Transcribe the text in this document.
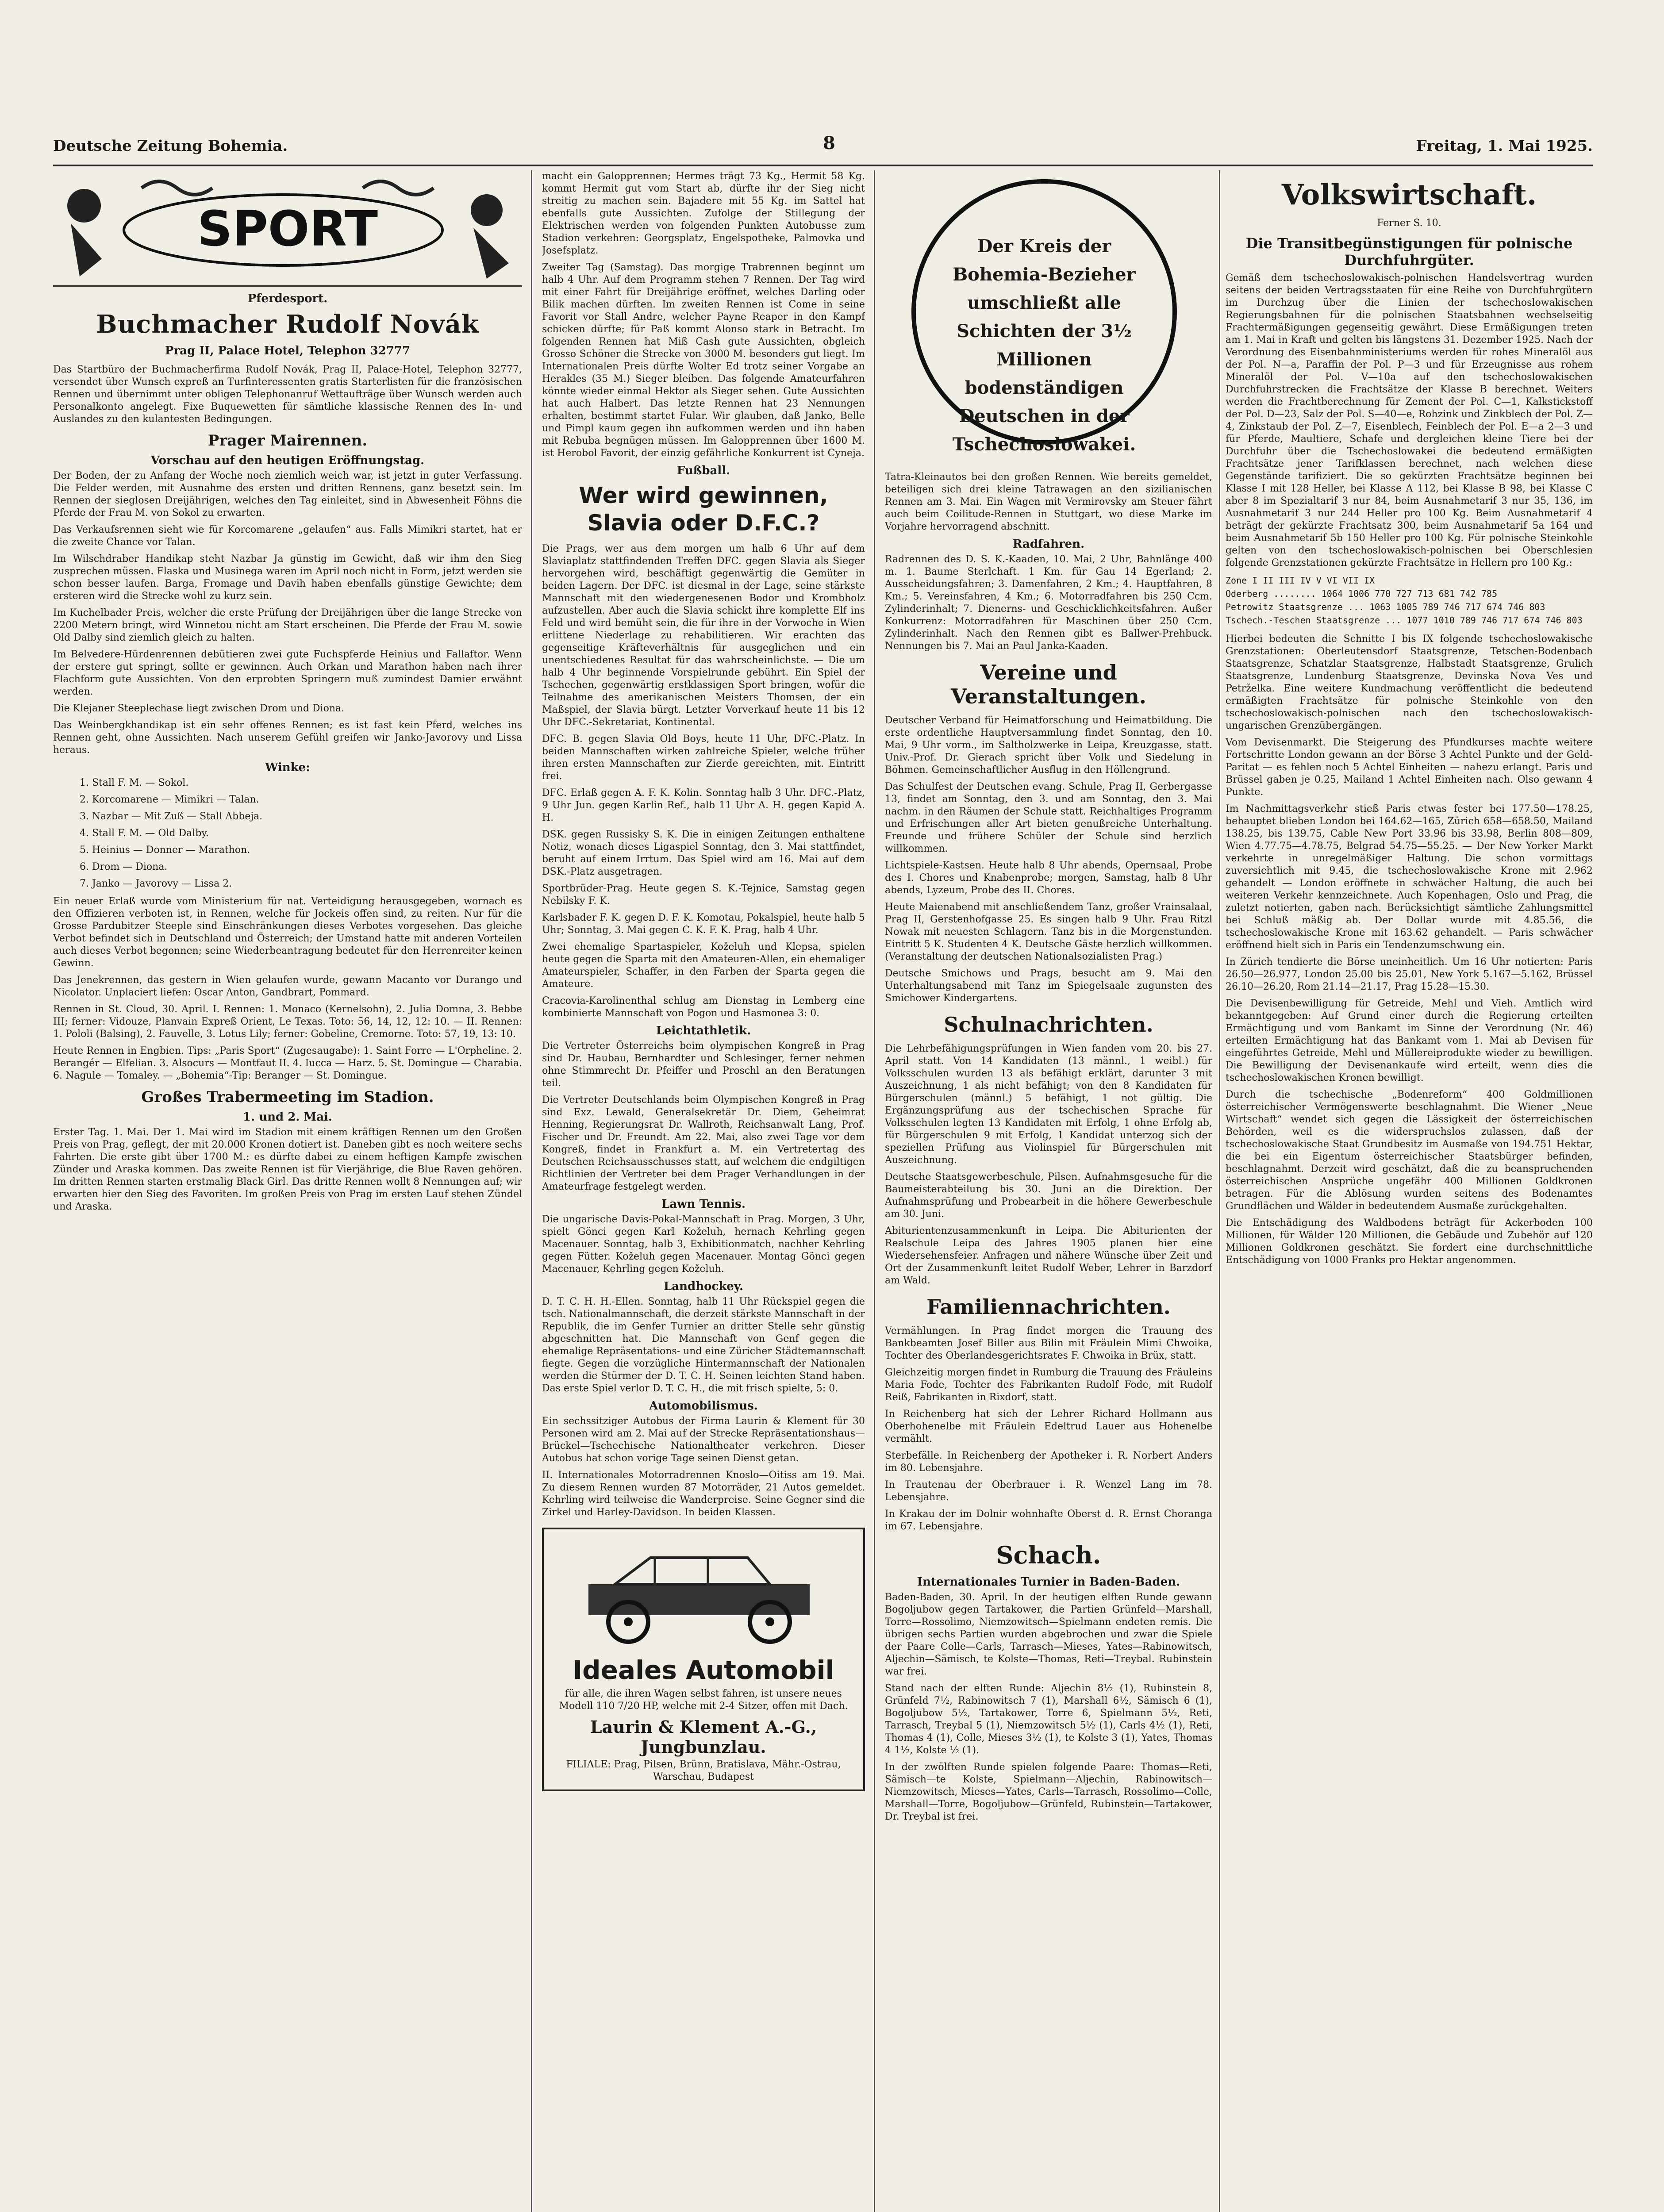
Deutsche Zeitung Bohemia.	8	Freitag, 1. Mai 1925.
SPORT
Pferdesport.
Buchmacher Rudolf Novák
Prag II, Palace Hotel, Telephon 32777

Das Startbüro der Buchmacherfirma Rudolf Novák, Prag II, Palace-Hotel, Telephon 32777, versendet über Wunsch expreß an Turfinteressenten gratis Starterlisten für die französischen Rennen und übernimmt unter obligen Telephonanruf Wettaufträge über Wunsch werden auch Personalkonto angelegt. Fixe Buquewetten für sämtliche klassische Rennen des In- und Auslandes zu den kulantesten Bedingungen.

Prager Mairennen.
Vorschau auf den heutigen Eröffnungstag.

Der Boden, der zu Anfang der Woche noch ziemlich weich war, ist jetzt in guter Verfassung. Die Felder werden, mit Ausnahme des ersten und dritten Rennens, ganz besetzt sein. Im Rennen der sieglosen Dreijährigen, welches den Tag einleitet, sind in Abwesenheit Föhns die Pferde der Frau M. von Sokol zu erwarten.

Das Verkaufsrennen sieht wie für Korcomarene „gelaufen“ aus. Falls Mimikri startet, hat er die zweite Chance vor Talan.

Im Wilschdraber Handikap steht Nazbar Ja günstig im Gewicht, daß wir ihm den Sieg zusprechen müssen. Flaska und Musinega waren im April noch nicht in Form, jetzt werden sie schon besser laufen. Barga, Fromage und Davih haben ebenfalls günstige Gewichte; dem ersteren wird die Strecke wohl zu kurz sein.

Im Kuchelbader Preis, welcher die erste Prüfung der Dreijährigen über die lange Strecke von 2200 Metern bringt, wird Winnetou nicht am Start erscheinen. Die Pferde der Frau M. sowie Old Dalby sind ziemlich gleich zu halten.

Im Belvedere-Hürdenrennen debütieren zwei gute Fuchspferde Heinius und Fallaftor. Wenn der erstere gut springt, sollte er gewinnen. Auch Orkan und Marathon haben nach ihrer Flachform gute Aussichten. Von den erprobten Springern muß zumindest Damier erwähnt werden.

Die Klejaner Steeplechase liegt zwischen Drom und Diona.

Das Weinbergkhandikap ist ein sehr offenes Rennen; es ist fast kein Pferd, welches ins Rennen geht, ohne Aussichten. Nach unserem Gefühl greifen wir Janko-Javorovy und Lissa heraus.

Winke:
1. Stall F. M. — Sokol.
2. Korcomarene — Mimikri — Talan.
3. Nazbar — Mit Zuß — Stall Abbeja.
4. Stall F. M. — Old Dalby.
5. Heinius — Donner — Marathon.
6. Drom — Diona.
7. Janko — Javorovy — Lissa 2.

Ein neuer Erlaß wurde vom Ministerium für nat. Verteidigung herausgegeben, wornach es den Offizieren verboten ist, in Rennen, welche für Jockeis offen sind, zu reiten. Nur für die Grosse Pardubitzer Steeple sind Einschränkungen dieses Verbotes vorgesehen. Das gleiche Verbot befindet sich in Deutschland und Österreich; der Umstand hatte mit anderen Vorteilen auch dieses Verbot begonnen; seine Wiederbeantragung bedeutet für den Herrenreiter keinen Gewinn.

Das Jenekrennen, das gestern in Wien gelaufen wurde, gewann Macanto vor Durango und Nicolator. Unplaciert liefen: Oscar Anton, Gandbrart, Pommard.

Rennen in St. Cloud, 30. April. I. Rennen: 1. Monaco (Kernelsohn), 2. Julia Domna, 3. Bebbe III; ferner: Vidouze, Planvain Expreß Orient, Le Texas. Toto: 56, 14, 12, 12: 10. — II. Rennen: 1. Pololi (Balsing), 2. Fauvelle, 3. Lotus Lily; ferner: Gobeline, Cremorne. Toto: 57, 19, 13: 10.

Heute Rennen in Engbien. Tips: „Paris Sport“ (Zugesaugabe): 1. Saint Forre — L'Orpheline. 2. Berangér — Elfelian. 3. Alsocurs — Montfaut II. 4. Iucca — Harz. 5. St. Domingue — Charabia. 6. Nagule — Tomaley. — „Bohemia“-Tip: Beranger — St. Domingue.

Großes Trabermeeting im Stadion.
1. und 2. Mai.

Erster Tag. 1. Mai. Der 1. Mai wird im Stadion mit einem kräftigen Rennen um den Großen Preis von Prag, geflegt, der mit 20.000 Kronen dotiert ist. Daneben gibt es noch weitere sechs Fahrten. Die erste gibt über 1700 M.: es dürfte dabei zu einem heftigen Kampfe zwischen Zünder und Araska kommen. Das zweite Rennen ist für Vierjährige, die Blue Raven gehören. Im dritten Rennen starten erstmalig Black Girl. Das dritte Rennen wollt 8 Nennungen auf; wir erwarten hier den Sieg des Favoriten. Im großen Preis von Prag im ersten Lauf stehen Zündel und Araska.

macht ein Galopprennen; Hermes trägt 73 Kg., Hermit 58 Kg. kommt Hermit gut vom Start ab, dürfte ihr der Sieg nicht streitig zu machen sein. Bajadere mit 55 Kg. im Sattel hat ebenfalls gute Aussichten. Zufolge der Stillegung der Elektrischen werden von folgenden Punkten Autobusse zum Stadion verkehren: Georgsplatz, Engelspotheke, Palmovka und Josefsplatz.

Zweiter Tag (Samstag). Das morgige Trabrennen beginnt um halb 4 Uhr. Auf dem Programm stehen 7 Rennen. Der Tag wird mit einer Fahrt für Dreijährige eröffnet, welches Darling oder Bilik machen dürften. Im zweiten Rennen ist Come in seine Favorit vor Stall Andre, welcher Payne Reaper in den Kampf schicken dürfte; für Paß kommt Alonso stark in Betracht. Im folgenden Rennen hat Miß Cash gute Aussichten, obgleich Grosso Schöner die Strecke von 3000 M. besonders gut liegt. Im Internationalen Preis dürfte Wolter Ed trotz seiner Vorgabe an Herakles (35 M.) Sieger bleiben. Das folgende Amateurfahren könnte wieder einmal Hektor als Sieger sehen. Gute Aussichten hat auch Halbert. Das letzte Rennen hat 23 Nennungen erhalten, bestimmt startet Fular. Wir glauben, daß Janko, Belle und Pimpl kaum gegen ihn aufkommen werden und ihn haben mit Rebuba begnügen müssen. Im Galopprennen über 1600 M. ist Herobol Favorit, der einzig gefährliche Konkurrent ist Cyneja.

Fußball.
Wer wird gewinnen, Slavia oder D.F.C.?

Die Prags, wer aus dem morgen um halb 6 Uhr auf dem Slaviaplatz stattfindenden Treffen DFC. gegen Slavia als Sieger hervorgehen wird, beschäftigt gegenwärtig die Gemüter in beiden Lagern. Der DFC. ist diesmal in der Lage, seine stärkste Mannschaft mit den wiedergenesenen Bodor und Krombholz aufzustellen. Aber auch die Slavia schickt ihre komplette Elf ins Feld und wird bemüht sein, die für ihre in der Vorwoche in Wien erlittene Niederlage zu rehabilitieren. Wir erachten das gegenseitige Kräfteverhältnis für ausgeglichen und ein unentschiedenes Resultat für das wahrscheinlichste. — Die um halb 4 Uhr beginnende Vorspielrunde gebührt. Ein Spiel der Tschechen, gegenwärtig erstklassigen Sport bringen, wofür die Teilnahme des amerikanischen Meisters Thomsen, der ein Maßspiel, der Slavia bürgt. Letzter Vorverkauf heute 11 bis 12 Uhr DFC.-Sekretariat, Kontinental.

DFC. B. gegen Slavia Old Boys, heute 11 Uhr, DFC.-Platz. In beiden Mannschaften wirken zahlreiche Spieler, welche früher ihren ersten Mannschaften zur Zierde gereichten, mit. Eintritt frei.

DFC. Erlaß gegen A. F. K. Kolin. Sonntag halb 3 Uhr. DFC.-Platz, 9 Uhr Jun. gegen Karlin Ref., halb 11 Uhr A. H. gegen Kapid A. H.

DSK. gegen Russisky S. K. Die in einigen Zeitungen enthaltene Notiz, wonach dieses Ligaspiel Sonntag, den 3. Mai stattfindet, beruht auf einem Irrtum. Das Spiel wird am 16. Mai auf dem DSK.-Platz ausgetragen.

Sportbrüder-Prag. Heute gegen S. K.-Tejnice, Samstag gegen Nebilsky F. K.

Karlsbader F. K. gegen D. F. K. Komotau, Pokalspiel, heute halb 5 Uhr; Sonntag, 3. Mai gegen C. K. F. K. Prag, halb 4 Uhr.

Zwei ehemalige Spartaspieler, Koželuh und Klepsa, spielen heute gegen die Sparta mit den Amateuren-Allen, ein ehemaliger Amateurspieler, Schaffer, in den Farben der Sparta gegen die Amateure.

Cracovia-Karolinenthal schlug am Dienstag in Lemberg eine kombinierte Mannschaft von Pogon und Hasmonea 3: 0.

Leichtathletik.

Die Vertreter Österreichs beim olympischen Kongreß in Prag sind Dr. Haubau, Bernhardter und Schlesinger, ferner nehmen ohne Stimmrecht Dr. Pfeiffer und Proschl an den Beratungen teil.

Die Vertreter Deutschlands beim Olympischen Kongreß in Prag sind Exz. Lewald, Generalsekretär Dr. Diem, Geheimrat Henning, Regierungsrat Dr. Wallroth, Reichsanwalt Lang, Prof. Fischer und Dr. Freundt. Am 22. Mai, also zwei Tage vor dem Kongreß, findet in Frankfurt a. M. ein Vertretertag des Deutschen Reichsausschusses statt, auf welchem die endgiltigen Richtlinien der Vertreter bei dem Prager Verhandlungen in der Amateurfrage festgelegt werden.

Lawn Tennis.

Die ungarische Davis-Pokal-Mannschaft in Prag. Morgen, 3 Uhr, spielt Gönci gegen Karl Koželuh, hernach Kehrling gegen Macenauer. Sonntag, halb 3, Exhibitionmatch, nachher Kehrling gegen Fütter. Koželuh gegen Macenauer. Montag Gönci gegen Macenauer, Kehrling gegen Koželuh.

Landhockey.

D. T. C. H. H.-Ellen. Sonntag, halb 11 Uhr Rückspiel gegen die tsch. Nationalmannschaft, die derzeit stärkste Mannschaft in der Republik, die im Genfer Turnier an dritter Stelle sehr günstig abgeschnitten hat. Die Mannschaft von Genf gegen die ehemalige Repräsentations- und eine Züricher Städtemannschaft fiegte. Gegen die vorzügliche Hintermannschaft der Nationalen werden die Stürmer der D. T. C. H. Seinen leichten Stand haben. Das erste Spiel verlor D. T. C. H., die mit frisch spielte, 5: 0.

Automobilismus.

Ein sechssitziger Autobus der Firma Laurin & Klement für 30 Personen wird am 2. Mai auf der Strecke Repräsentationshaus—Brückel—Tschechische Nationaltheater verkehren. Dieser Autobus hat schon vorige Tage seinen Dienst getan.

II. Internationales Motorradrennen Knoslo—Oitiss am 19. Mai. Zu diesem Rennen wurden 87 Motorräder, 21 Autos gemeldet. Kehrling wird teilweise die Wanderpreise. Seine Gegner sind die Zirkel und Harley-Davidson. In beiden Klassen.

Ideales Automobil
für alle, die ihren Wagen selbst fahren, ist unsere neues Modell 110 7/20 HP, welche mit 2-4 Sitzer, offen mit Dach.
Laurin & Klement A.-G., Jungbunzlau.
FILIALE: Prag, Pilsen, Brünn, Bratislava, Mähr.-Ostrau, Warschau, Budapest
Der Kreis der Bohemia-Bezieher umschließt alle Schichten der 3½ Millionen bodenständigen Deutschen in der Tschechoslowakei.

Tatra-Kleinautos bei den großen Rennen. Wie bereits gemeldet, beteiligen sich drei kleine Tatrawagen an den sizilianischen Rennen am 3. Mai. Ein Wagen mit Vermirovsky am Steuer fährt auch beim Coilitude-Rennen in Stuttgart, wo diese Marke im Vorjahre hervorragend abschnitt.

Radfahren.

Radrennen des D. S. K.-Kaaden, 10. Mai, 2 Uhr, Bahnlänge 400 m. 1. Baume Sterlchaft. 1 Km. für Gau 14 Egerland; 2. Ausscheidungsfahren; 3. Damenfahren, 2 Km.; 4. Hauptfahren, 8 Km.; 5. Vereinsfahren, 4 Km.; 6. Motorradfahren bis 250 Ccm. Zylinderinhalt; 7. Dienerns- und Geschicklichkeitsfahren. Außer Konkurrenz: Motorradfahren für Maschinen über 250 Ccm. Zylinderinhalt. Nach den Rennen gibt es Ballwer-Prehbuck. Nennungen bis 7. Mai an Paul Janka-Kaaden.

Vereine und Veranstaltungen.

Deutscher Verband für Heimatforschung und Heimatbildung. Die erste ordentliche Hauptversammlung findet Sonntag, den 10. Mai, 9 Uhr vorm., im Saltholzwerke in Leipa, Kreuzgasse, statt. Univ.-Prof. Dr. Gierach spricht über Volk und Siedelung in Böhmen. Gemeinschaftlicher Ausflug in den Höllengrund.

Das Schulfest der Deutschen evang. Schule, Prag II, Gerbergasse 13, findet am Sonntag, den 3. und am Sonntag, den 3. Mai nachm. in den Räumen der Schule statt. Reichhaltiges Programm und Erfrischungen aller Art bieten genußreiche Unterhaltung. Freunde und frühere Schüler der Schule sind herzlich willkommen.

Lichtspiele-Kastsen. Heute halb 8 Uhr abends, Opernsaal, Probe des I. Chores und Knabenprobe; morgen, Samstag, halb 8 Uhr abends, Lyzeum, Probe des II. Chores.

Heute Maienabend mit anschließendem Tanz, großer Vrainsalaal, Prag II, Gerstenhofgasse 25. Es singen halb 9 Uhr. Frau Ritzl Nowak mit neuesten Schlagern. Tanz bis in die Morgenstunden. Eintritt 5 K. Studenten 4 K. Deutsche Gäste herzlich willkommen. (Veranstaltung der deutschen Nationalsozialisten Prag.)

Deutsche Smichows und Prags, besucht am 9. Mai den Unterhaltungsabend mit Tanz im Spiegelsaale zugunsten des Smichower Kindergartens.

Schulnachrichten.

Die Lehrbefähigungsprüfungen in Wien fanden vom 20. bis 27. April statt. Von 14 Kandidaten (13 männl., 1 weibl.) für Volksschulen wurden 13 als befähigt erklärt, darunter 3 mit Auszeichnung, 1 als nicht befähigt; von den 8 Kandidaten für Bürgerschulen (männl.) 5 befähigt, 1 not gültig. Die Ergänzungsprüfung aus der tschechischen Sprache für Volksschulen legten 13 Kandidaten mit Erfolg, 1 ohne Erfolg ab, für Bürgerschulen 9 mit Erfolg, 1 Kandidat unterzog sich der speziellen Prüfung aus Violinspiel für Bürgerschulen mit Auszeichnung.

Deutsche Staatsgewerbeschule, Pilsen. Aufnahmsgesuche für die Baumeisterabteilung bis 30. Juni an die Direktion. Der Aufnahmsprüfung und Probearbeit in die höhere Gewerbeschule am 30. Juni.

Abiturientenzusammenkunft in Leipa. Die Abiturienten der Realschule Leipa des Jahres 1905 planen hier eine Wiedersehensfeier. Anfragen und nähere Wünsche über Zeit und Ort der Zusammenkunft leitet Rudolf Weber, Lehrer in Barzdorf am Wald.

Familiennachrichten.

Vermählungen. In Prag findet morgen die Trauung des Bankbeamten Josef Biller aus Bilin mit Fräulein Mimi Chwoika, Tochter des Oberlandesgerichtsrates F. Chwoika in Brüx, statt.

Gleichzeitig morgen findet in Rumburg die Trauung des Fräuleins Maria Fode, Tochter des Fabrikanten Rudolf Fode, mit Rudolf Reiß, Fabrikanten in Rixdorf, statt.

In Reichenberg hat sich der Lehrer Richard Hollmann aus Oberhohenelbe mit Fräulein Edeltrud Lauer aus Hohenelbe vermählt.

Sterbefälle. In Reichenberg der Apotheker i. R. Norbert Anders im 80. Lebensjahre.

In Trautenau der Oberbrauer i. R. Wenzel Lang im 78. Lebensjahre.

In Krakau der im Dolnir wohnhafte Oberst d. R. Ernst Choranga im 67. Lebensjahre.

Schach.
Internationales Turnier in Baden-Baden.

Baden-Baden, 30. April. In der heutigen elften Runde gewann Bogoljubow gegen Tartakower, die Partien Grünfeld—Marshall, Torre—Rossolimo, Niemzowitsch—Spielmann endeten remis. Die übrigen sechs Partien wurden abgebrochen und zwar die Spiele der Paare Colle—Carls, Tarrasch—Mieses, Yates—Rabinowitsch, Aljechin—Sämisch, te Kolste—Thomas, Reti—Treybal. Rubinstein war frei.

Stand nach der elften Runde: Aljechin 8½ (1), Rubinstein 8, Grünfeld 7½, Rabinowitsch 7 (1), Marshall 6½, Sämisch 6 (1), Bogoljubow 5½, Tartakower, Torre 6, Spielmann 5½, Reti, Tarrasch, Treybal 5 (1), Niemzowitsch 5½ (1), Carls 4½ (1), Reti, Thomas 4 (1), Colle, Mieses 3½ (1), te Kolste 3 (1), Yates, Thomas 4 1½, Kolste ½ (1).

In der zwölften Runde spielen folgende Paare: Thomas—Reti, Sämisch—te Kolste, Spielmann—Aljechin, Rabinowitsch—Niemzowitsch, Mieses—Yates, Carls—Tarrasch, Rossolimo—Colle, Marshall—Torre, Bogoljubow—Grünfeld, Rubinstein—Tartakower, Dr. Treybal ist frei.

Volkswirtschaft.
Ferner S. 10.
Die Transitbegünstigungen für polnische Durchfuhrgüter.

Gemäß dem tschechoslowakisch-polnischen Handelsvertrag wurden seitens der beiden Vertragsstaaten für eine Reihe von Durchfuhrgütern im Durchzug über die Linien der tschechoslowakischen Regierungsbahnen für die polnischen Staatsbahnen wechselseitig Frachtermäßigungen gegenseitig gewährt. Diese Ermäßigungen treten am 1. Mai in Kraft und gelten bis längstens 31. Dezember 1925. Nach der Verordnung des Eisenbahnministeriums werden für rohes Mineralöl aus der Pol. N—a, Paraffin der Pol. P—3 und für Erzeugnisse aus rohem Mineralöl der Pol. V—10a auf den tschechoslowakischen Durchfuhrstrecken die Frachtsätze der Klasse B berechnet. Weiters werden die Frachtberechnung für Zement der Pol. C—1, Kalkstickstoff der Pol. D—23, Salz der Pol. S—40—e, Rohzink und Zinkblech der Pol. Z—4, Zinkstaub der Pol. Z—7, Eisenblech, Feinblech der Pol. E—a 2—3 und für Pferde, Maultiere, Schafe und dergleichen kleine Tiere bei der Durchfuhr über die Tschechoslowakei die bedeutend ermäßigten Frachtsätze jener Tarifklassen berechnet, nach welchen diese Gegenstände tarifiziert. Die so gekürzten Frachtsätze beginnen bei Klasse I mit 128 Heller, bei Klasse A 112, bei Klasse B 98, bei Klasse C aber 8 im Spezialtarif 3 nur 84, beim Ausnahmetarif 3 nur 35, 136, im Ausnahmetarif 3 nur 244 Heller pro 100 Kg. Beim Ausnahmetarif 4 beträgt der gekürzte Frachtsatz 300, beim Ausnahmetarif 5a 164 und beim Ausnahmetarif 5b 150 Heller pro 100 Kg. Für polnische Steinkohle gelten von den tschechoslowakisch-polnischen bei Oberschlesien folgende Grenzstationen gekürzte Frachtsätze in Hellern pro 100 Kg.:

Zone I II III IV V VI VII IX
Oderberg ........ 1064 1006 770 727 713 681 742 785
Petrowitz Staatsgrenze ... 1063 1005 789 746 717 674 746 803
Tschech.-Teschen Staatsgrenze ... 1077 1010 789 746 717 674 746 803

Hierbei bedeuten die Schnitte I bis IX folgende tschechoslowakische Grenzstationen: Oberleutensdorf Staatsgrenze, Tetschen-Bodenbach Staatsgrenze, Schatzlar Staatsgrenze, Halbstadt Staatsgrenze, Grulich Staatsgrenze, Lundenburg Staatsgrenze, Devinska Nova Ves und Petrželka. Eine weitere Kundmachung veröffentlicht die bedeutend ermäßigten Frachtsätze für polnische Steinkohle von den tschechoslowakisch-polnischen nach den tschechoslowakisch-ungarischen Grenzübergängen.

Vom Devisenmarkt. Die Steigerung des Pfundkurses machte weitere Fortschritte London gewann an der Börse 3 Achtel Punkte und der Geld-Paritat — es fehlen noch 5 Achtel Einheiten — nahezu erlangt. Paris und Brüssel gaben je 0.25, Mailand 1 Achtel Einheiten nach. Olso gewann 4 Punkte.

Im Nachmittagsverkehr stieß Paris etwas fester bei 177.50—178.25, behauptet blieben London bei 164.62—165, Zürich 658—658.50, Mailand 138.25, bis 139.75, Cable New Port 33.96 bis 33.98, Berlin 808—809, Wien 4.77.75—4.78.75, Belgrad 54.75—55.25. — Der New Yorker Markt verkehrte in unregelmäßiger Haltung. Die schon vormittags zuversichtlich mit 9.45, die tschechoslowakische Krone mit 2.962 gehandelt — London eröffnete in schwächer Haltung, die auch bei weiteren Verkehr kennzeichnete. Auch Kopenhagen, Oslo und Prag, die zuletzt notierten, gaben nach. Berücksichtigt sämtliche Zahlungsmittel bei Schluß mäßig ab. Der Dollar wurde mit 4.85.56, die tschechoslowakische Krone mit 163.62 gehandelt. — Paris schwächer eröffnend hielt sich in Paris ein Tendenzumschwung ein.

In Zürich tendierte die Börse uneinheitlich. Um 16 Uhr notierten: Paris 26.50—26.977, London 25.00 bis 25.01, New York 5.167—5.162, Brüssel 26.10—26.20, Rom 21.14—21.17, Prag 15.28—15.30.

Die Devisenbewilligung für Getreide, Mehl und Vieh. Amtlich wird bekanntgegeben: Auf Grund einer durch die Regierung erteilten Ermächtigung und vom Bankamt im Sinne der Verordnung (Nr. 46) erteilten Ermächtigung hat das Bankamt vom 1. Mai ab Devisen für eingeführtes Getreide, Mehl und Müllereiprodukte wieder zu bewilligen. Die Bewilligung der Devisenankaufe wird erteilt, wenn dies die tschechoslowakischen Kronen bewilligt.

Durch die tschechische „Bodenreform“ 400 Goldmillionen österreichischer Vermögenswerte beschlagnahmt. Die Wiener „Neue Wirtschaft“ wendet sich gegen die Lässigkeit der österreichischen Behörden, weil es die widerspruchslos zulassen, daß der tschechoslowakische Staat Grundbesitz im Ausmaße von 194.751 Hektar, die bei ein Eigentum österreichischer Staatsbürger befinden, beschlagnahmt. Derzeit wird geschätzt, daß die zu beanspruchenden österreichischen Ansprüche ungefähr 400 Millionen Goldkronen betragen. Für die Ablösung wurden seitens des Bodenamtes Grundflächen und Wälder in bedeutendem Ausmaße zurückgehalten.

Die Entschädigung des Waldbodens beträgt für Ackerboden 100 Millionen, für Wälder 120 Millionen, die Gebäude und Zubehör auf 120 Millionen Goldkronen geschätzt. Sie fordert eine durchschnittliche Entschädigung von 1000 Franks pro Hektar angenommen.
